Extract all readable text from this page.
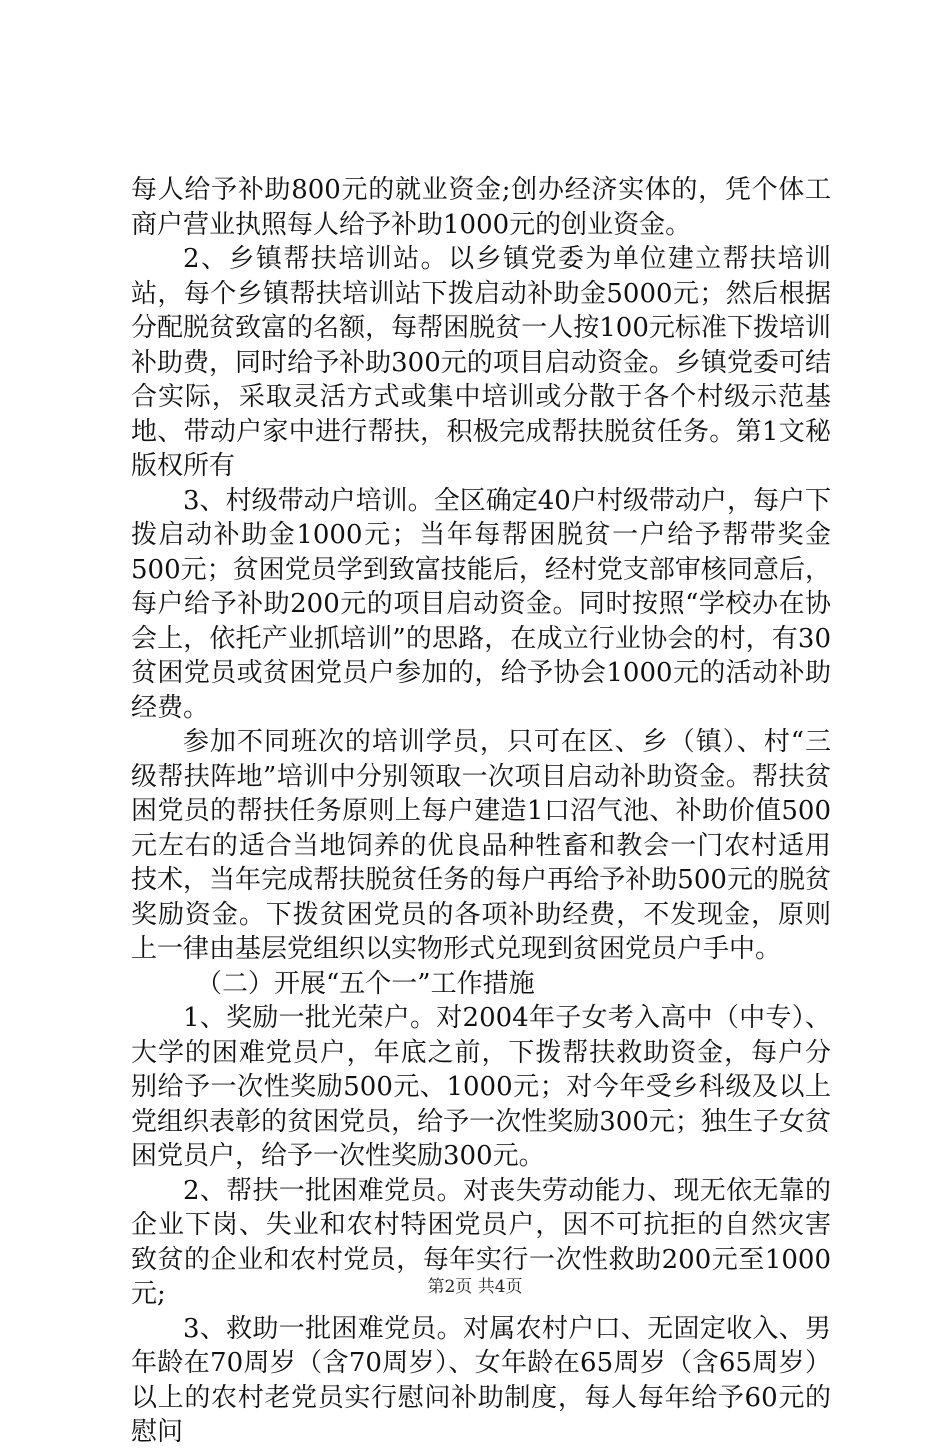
每人给予补助800元的就业资金;创办经济实体的，凭个体工商户营业执照每人给予补助1000元的创业资金。

2、乡镇帮扶培训站。以乡镇党委为单位建立帮扶培训站，每个乡镇帮扶培训站下拨启动补助金5000元；然后根据分配脱贫致富的名额，每帮困脱贫一人按100元标准下拨培训补助费，同时给予补助300元的项目启动资金。乡镇党委可结合实际，采取灵活方式或集中培训或分散于各个村级示范基地、带动户家中进行帮扶，积极完成帮扶脱贫任务。第1文秘版权所有

3、村级带动户培训。全区确定40户村级带动户，每户下拨启动补助金1000元；当年每帮困脱贫一户给予帮带奖金500元；贫困党员学到致富技能后，经村党支部审核同意后，每户给予补助200元的项目启动资金。同时按照“学校办在协会上，依托产业抓培训”的思路，在成立行业协会的村，有30贫困党员或贫困党员户参加的，给予协会1000元的活动补助经费。

参加不同班次的培训学员，只可在区、乡（镇）、村“三级帮扶阵地”培训中分别领取一次项目启动补助资金。帮扶贫困党员的帮扶任务原则上每户建造1口沼气池、补助价值500元左右的适合当地饲养的优良品种牲畜和教会一门农村适用技术，当年完成帮扶脱贫任务的每户再给予补助500元的脱贫奖励资金。下拨贫困党员的各项补助经费，不发现金，原则上一律由基层党组织以实物形式兑现到贫困党员户手中。

（二）开展“五个一”工作措施

1、奖励一批光荣户。对2004年子女考入高中（中专）、大学的困难党员户，年底之前，下拨帮扶救助资金，每户分别给予一次性奖励500元、1000元；对今年受乡科级及以上党组织表彰的贫困党员，给予一次性奖励300元；独生子女贫困党员户，给予一次性奖励300元。

2、帮扶一批困难党员。对丧失劳动能力、现无依无靠的企业下岗、失业和农村特困党员户，因不可抗拒的自然灾害致贫的企业和农村党员，每年实行一次性救助200元至1000元;

3、救助一批困难党员。对属农村户口、无固定收入、男年龄在70周岁（含70周岁）、女年龄在65周岁（含65周岁）以上的农村老党员实行慰问补助制度，每人每年给予60元的慰问

第2页 共4页
